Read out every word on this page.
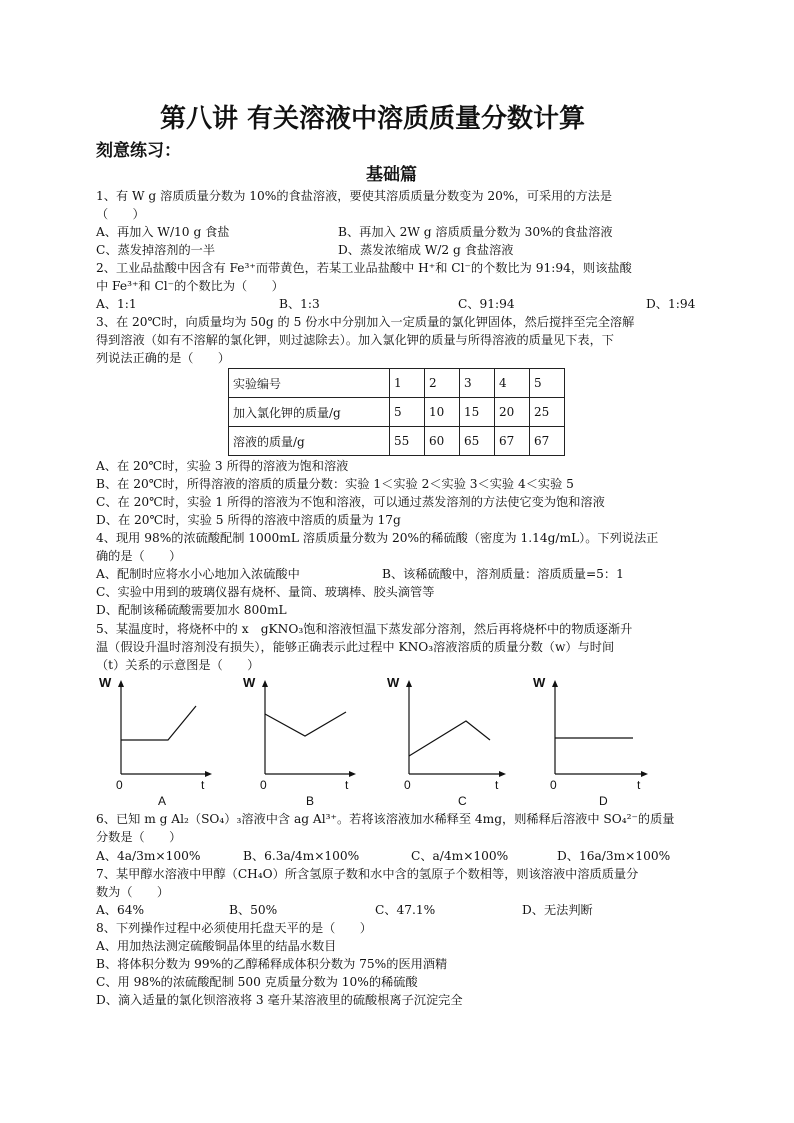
第八讲 有关溶液中溶质质量分数计算
刻意练习：
基础篇
1、有 W g 溶质质量分数为 10%的食盐溶液，要使其溶质质量分数变为 20%，可采用的方法是
（　　）
A、再加入 W/10 g 食盐	B、再加入 2W g 溶质质量分数为 30%的食盐溶液
C、蒸发掉溶剂的一半	D、蒸发浓缩成 W/2 g 食盐溶液
2、工业品盐酸中因含有 Fe³⁺而带黄色，若某工业品盐酸中 H⁺和 Cl⁻的个数比为 91:94，则该盐酸
中 Fe³⁺和 Cl⁻的个数比为（　　）
A、1:1	B、1:3	C、91:94	D、1:94
3、在 20℃时，向质量均为 50g 的 5 份水中分别加入一定质量的氯化钾固体，然后搅拌至完全溶解
得到溶液（如有不溶解的氯化钾，则过滤除去）。加入氯化钾的质量与所得溶液的质量见下表，下
列说法正确的是（　　）
实验编号	1	2	3	4	5
加入氯化钾的质量/g	5	10	15	20	25
溶液的质量/g	55	60	65	67	67
A、在 20℃时，实验 3 所得的溶液为饱和溶液
B、在 20℃时，所得溶液的溶质的质量分数：实验 1＜实验 2＜实验 3＜实验 4＜实验 5
C、在 20℃时，实验 1 所得的溶液为不饱和溶液，可以通过蒸发溶剂的方法使它变为饱和溶液
D、在 20℃时，实验 5 所得的溶液中溶质的质量为 17g
4、现用 98%的浓硫酸配制 1000mL 溶质质量分数为 20%的稀硫酸（密度为 1.14g/mL）。下列说法正
确的是（　　）
A、配制时应将水小心地加入浓硫酸中	B、该稀硫酸中，溶剂质量：溶质质量=5：1
C、实验中用到的玻璃仪器有烧杯、量筒、玻璃棒、胶头滴管等
D、配制该稀硫酸需要加水 800mL
5、某温度时，将烧杯中的 x　gKNO₃饱和溶液恒温下蒸发部分溶剂，然后再将烧杯中的物质逐渐升
温（假设升温时溶剂没有损失），能够正确表示此过程中 KNO₃溶液溶质的质量分数（w）与时间
（t）关系的示意图是（　　）
W
0	t
A
W
0	t
B
W
0	t
C
W
0	t
D
6、已知 m g Al₂（SO₄）₃溶液中含 ag Al³⁺。若将该溶液加水稀释至 4mg，则稀释后溶液中 SO₄²⁻的质量
分数是（　　）
A、4a/3m×100%	B、6.3a/4m×100%	C、a/4m×100%	D、16a/3m×100%
7、某甲醇水溶液中甲醇（CH₄O）所含氢原子数和水中含的氢原子个数相等，则该溶液中溶质质量分
数为（　　）
A、64%	B、50%	C、47.1%	D、无法判断
8、下列操作过程中必须使用托盘天平的是（　　）
A、用加热法测定硫酸铜晶体里的结晶水数目
B、将体积分数为 99%的乙醇稀释成体积分数为 75%的医用酒精
C、用 98%的浓硫酸配制 500 克质量分数为 10%的稀硫酸
D、滴入适量的氯化钡溶液将 3 毫升某溶液里的硫酸根离子沉淀完全
